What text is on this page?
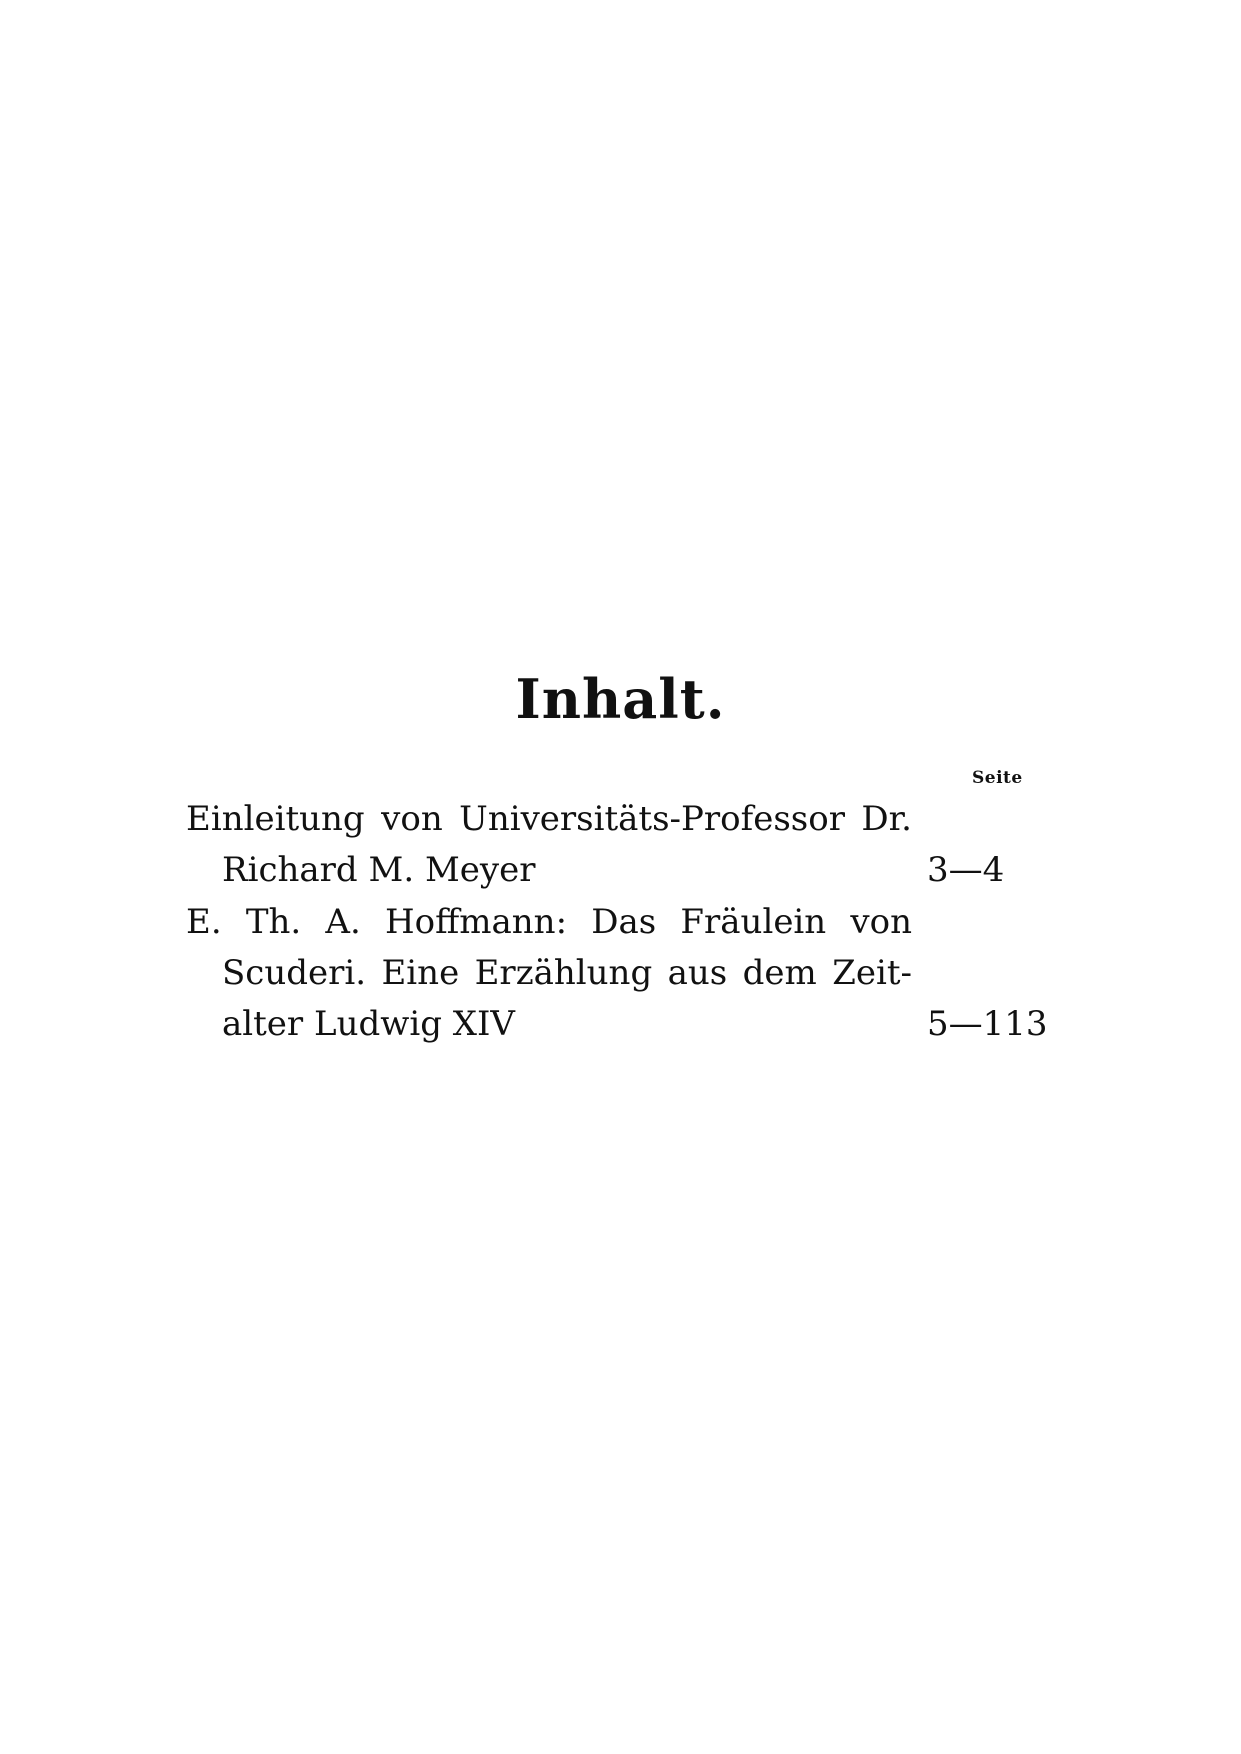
Inhalt.
Seite
Einleitung von Universitäts-Professor Dr.
Richard M. Meyer	3—4
E. Th. A. Hoffmann: Das Fräulein von
Scuderi. Eine Erzählung aus dem Zeit-
alter Ludwig XIV	5—113
